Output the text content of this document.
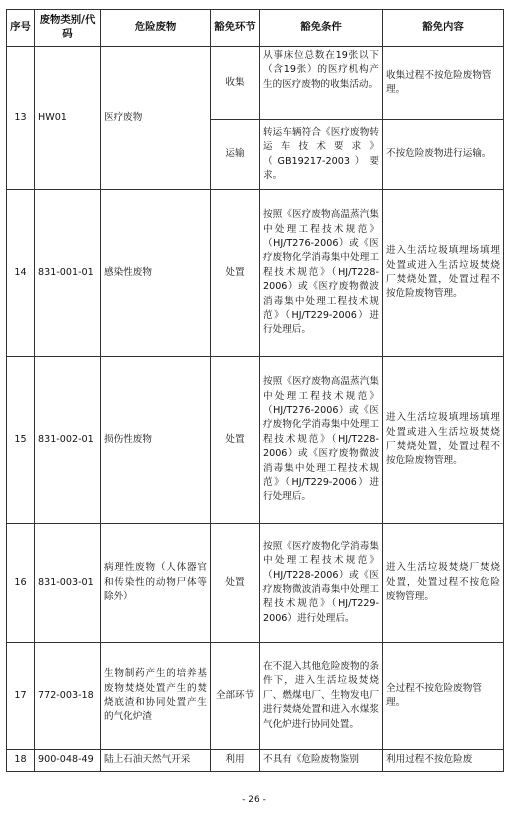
序号	废物类别/代码	危险废物	豁免环节	豁免条件	豁免内容
13	HW01	医疗废物	收集	从事床位总数在19张以下（含19张）的医疗机构产生的医疗废物的收集活动。	收集过程不按危险废物管理。
			运输	转运车辆符合《医疗废物转运车技术要求》（GB19217-2003）要求。	不按危险废物进行运输。
14	831-001-01	感染性废物	处置	按照《医疗废物高温蒸汽集中处理工程技术规范》（HJ/T276-2006）或《医疗废物化学消毒集中处理工程技术规范》（HJ/T228-2006）或《医疗废物微波消毒集中处理工程技术规范》（HJ/T229-2006）进行处理后。	进入生活垃圾填埋场填埋处置或进入生活垃圾焚烧厂焚烧处置，处置过程不按危险废物管理。
15	831-002-01	损伤性废物	处置	按照《医疗废物高温蒸汽集中处理工程技术规范》（HJ/T276-2006）或《医疗废物化学消毒集中处理工程技术规范》（HJ/T228-2006）或《医疗废物微波消毒集中处理工程技术规范》（HJ/T229-2006）进行处理后。	进入生活垃圾填埋场填埋处置或进入生活垃圾焚烧厂焚烧处置，处置过程不按危险废物管理。
16	831-003-01	病理性废物（人体器官和传染性的动物尸体等除外）	处置	按照《医疗废物化学消毒集中处理工程技术规范》（HJ/T228-2006）或《医疗废物微波消毒集中处理工程技术规范》（HJ/T229-2006）进行处理后。	进入生活垃圾焚烧厂焚烧处置，处置过程不按危险废物管理。
17	772-003-18	生物制药产生的培养基废物焚烧处置产生的焚烧底渣和协同处置产生的气化炉渣	全部环节	在不混入其他危险废物的条件下，进入生活垃圾焚烧厂、燃煤电厂、生物发电厂进行焚烧处置和进入水煤浆气化炉进行协同处置。	全过程不按危险废物管理。
18	900-048-49	陆上石油天然气开采	利用	不具有《危险废物鉴别	利用过程不按危险废
- 26 -
